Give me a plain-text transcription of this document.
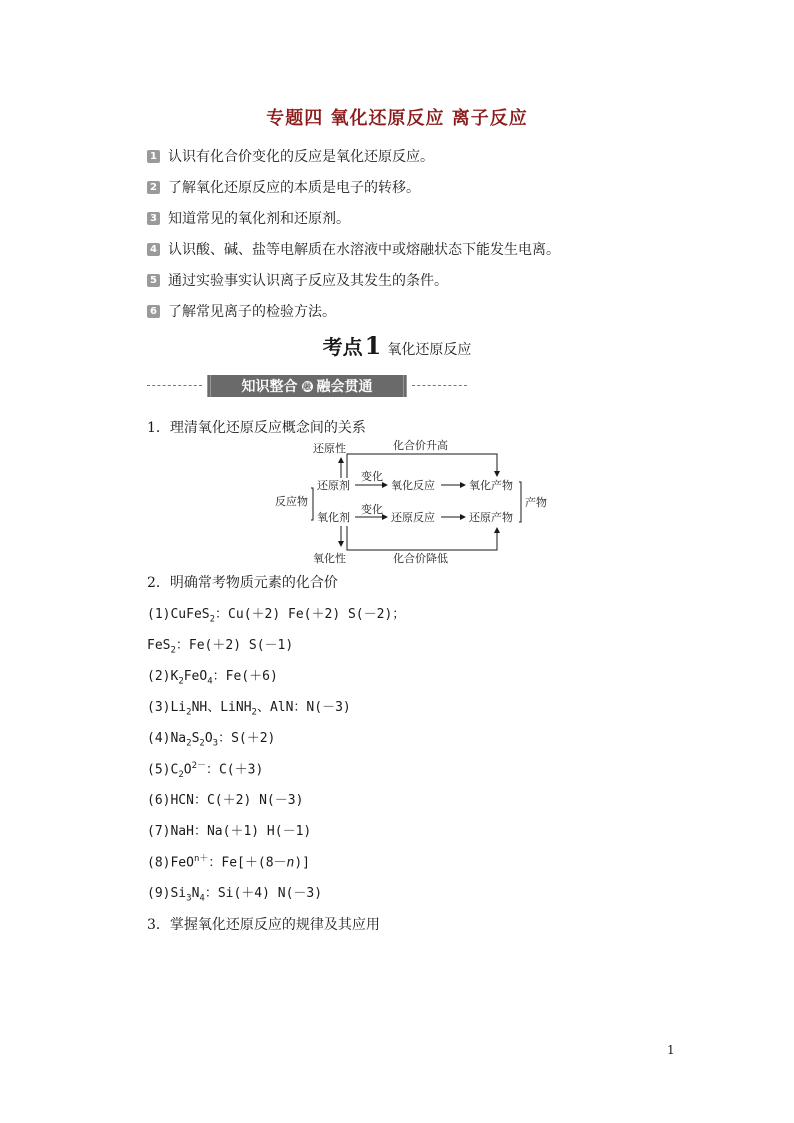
专题四 氧化还原反应 离子反应
1 认识有化合价变化的反应是氧化还原反应。
2 了解氧化还原反应的本质是电子的转移。
3 知道常见的氧化剂和还原剂。
4 认识酸、碱、盐等电解质在水溶液中或熔融状态下能发生电离。
5 通过实验事实认识离子反应及其发生的条件。
6 了解常见离子的检验方法。
考点1 氧化还原反应
知识整合 融 融会贯通
1．理清氧化还原反应概念间的关系
还原性	化合价升高
氧化性	化合价降低
反应物
还原剂
氧化剂
变化
氧化反应	氧化产物
变化
还原反应	还原产物
产物
2．明确常考物质元素的化合价
(1)CuFeS$_2$：Cu(＋2) Fe(＋2) S(－2)；
FeS$_2$：Fe(＋2) S(－1)
$(2)K_2FeO_4$：Fe(＋6)
$(3)Li_2NH$、LiNH$_2$、AlN：N(－3)
$(4)Na_2S_2O_3$：S(＋2)
$(5)C_2O^{2-}$：C(＋3)
(6)HCN：C(＋2) N(－3)
(7)NaH：Na(＋1) H(－1)
(8)FeO$^{n+}$：Fe[＋(8－n)]
$(9)Si_3N_4$：Si(＋4) N(－3)
3．掌握氧化还原反应的规律及其应用
1
